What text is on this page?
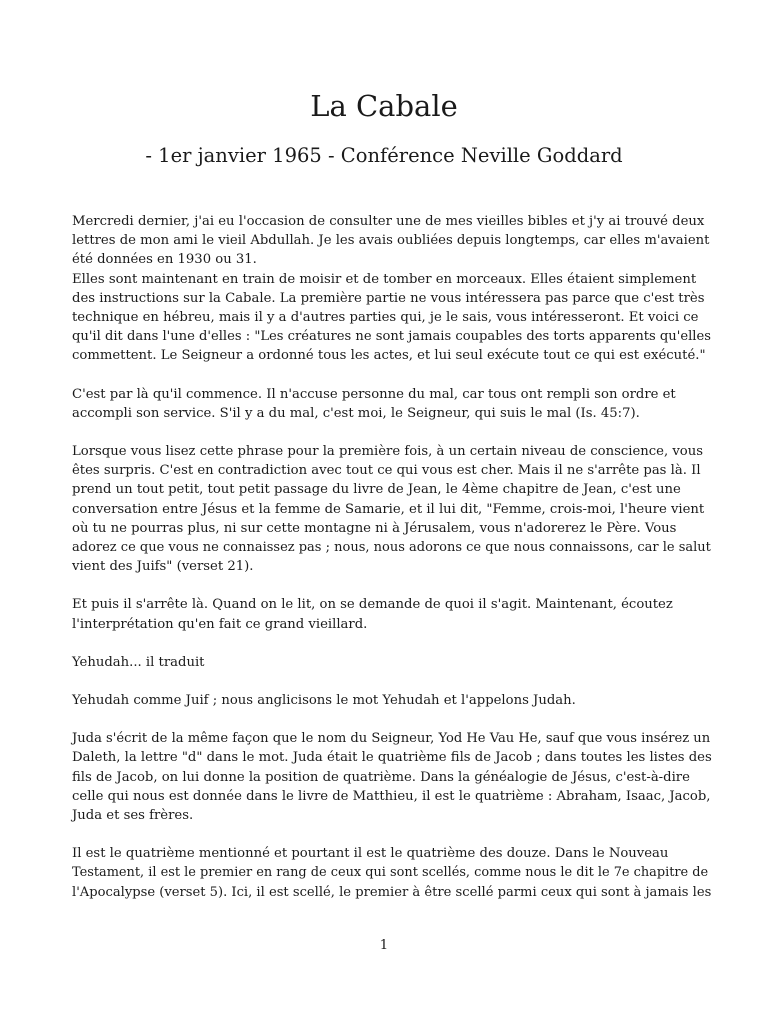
La Cabale
- 1er janvier 1965 - Conférence Neville Goddard

Mercredi dernier, j'ai eu l'occasion de consulter une de mes vieilles bibles et j'y ai trouvé deux
lettres de mon ami le vieil Abdullah. Je les avais oubliées depuis longtemps, car elles m'avaient
été données en 1930 ou 31.
Elles sont maintenant en train de moisir et de tomber en morceaux. Elles étaient simplement
des instructions sur la Cabale. La première partie ne vous intéressera pas parce que c'est très
technique en hébreu, mais il y a d'autres parties qui, je le sais, vous intéresseront. Et voici ce
qu'il dit dans l'une d'elles : "Les créatures ne sont jamais coupables des torts apparents qu'elles
commettent. Le Seigneur a ordonné tous les actes, et lui seul exécute tout ce qui est exécuté."

C'est par là qu'il commence. Il n'accuse personne du mal, car tous ont rempli son ordre et
accompli son service. S'il y a du mal, c'est moi, le Seigneur, qui suis le mal (Is. 45:7).

Lorsque vous lisez cette phrase pour la première fois, à un certain niveau de conscience, vous
êtes surpris. C'est en contradiction avec tout ce qui vous est cher. Mais il ne s'arrête pas là. Il
prend un tout petit, tout petit passage du livre de Jean, le 4ème chapitre de Jean, c'est une
conversation entre Jésus et la femme de Samarie, et il lui dit, "Femme, crois-moi, l'heure vient
où tu ne pourras plus, ni sur cette montagne ni à Jérusalem, vous n'adorerez le Père. Vous
adorez ce que vous ne connaissez pas ; nous, nous adorons ce que nous connaissons, car le salut
vient des Juifs" (verset 21).

Et puis il s'arrête là. Quand on le lit, on se demande de quoi il s'agit. Maintenant, écoutez
l'interprétation qu'en fait ce grand vieillard.

Yehudah... il traduit

Yehudah comme Juif ; nous anglicisons le mot Yehudah et l'appelons Judah.

Juda s'écrit de la même façon que le nom du Seigneur, Yod He Vau He, sauf que vous insérez un
Daleth, la lettre "d" dans le mot. Juda était le quatrième fils de Jacob ; dans toutes les listes des
fils de Jacob, on lui donne la position de quatrième. Dans la généalogie de Jésus, c'est-à-dire
celle qui nous est donnée dans le livre de Matthieu, il est le quatrième : Abraham, Isaac, Jacob,
Juda et ses frères.

Il est le quatrième mentionné et pourtant il est le quatrième des douze. Dans le Nouveau
Testament, il est le premier en rang de ceux qui sont scellés, comme nous le dit le 7e chapitre de
l'Apocalypse (verset 5). Ici, il est scellé, le premier à être scellé parmi ceux qui sont à jamais les

1
